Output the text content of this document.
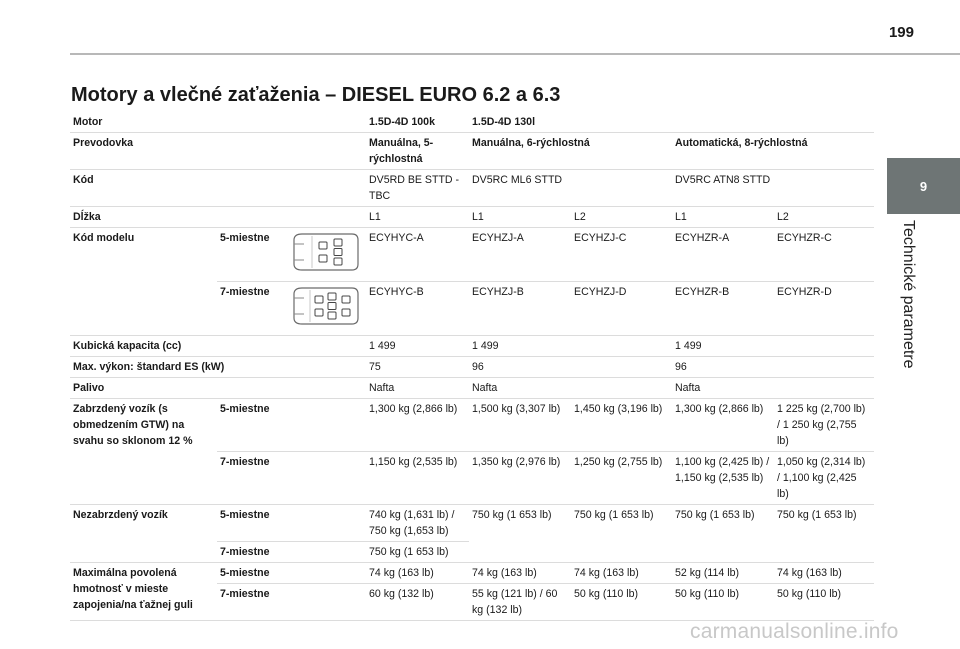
199
Motory a vlečné zaťaženia – DIESEL EURO 6.2 a 6.3
9
Technické parametre
Motor			1.5D-4D 100k	1.5D-4D 130l			
Prevodovka			Manuálna, 5-rýchlostná	Manuálna, 6-rýchlostná		Automatická, 8-rýchlostná	
Kód			DV5RD BE STTD - TBC	DV5RC ML6 STTD		DV5RC ATN8 STTD	
Dĺžka			L1	L1	L2	L1	L2
Kód modelu	5-miestne		ECYHYC-A	ECYHZJ-A	ECYHZJ-C	ECYHZR-A	ECYHZR-C
	7-miestne		ECYHYC-B	ECYHZJ-B	ECYHZJ-D	ECYHZR-B	ECYHZR-D
Kubická kapacita (cc)			1 499	1 499		1 499	
Max. výkon: štandard ES (kW)			75	96		96	
Palivo			Nafta	Nafta		Nafta	
Zabrzdený vozík (s obmedzením GTW) na svahu so sklonom 12 %	5-miestne		1,300 kg (2,866 lb)	1,500 kg (3,307 lb)	1,450 kg (3,196 lb)	1,300 kg (2,866 lb)	1 225 kg (2,700 lb) / 1 250 kg (2,755 lb)
	7-miestne		1,150 kg (2,535 lb)	1,350 kg (2,976 lb)	1,250 kg (2,755 lb)	1,100 kg (2,425 lb) / 1,150 kg (2,535 lb)	1,050 kg (2,314 lb) / 1,100 kg (2,425 lb)
Nezabrzdený vozík	5-miestne		740 kg (1,631 lb) / 750 kg (1,653 lb)	750 kg (1 653 lb)	750 kg (1 653 lb)	750 kg (1 653 lb)	750 kg (1 653 lb)
	7-miestne		750 kg (1 653 lb)				
Maximálna povolená hmotnosť v mieste zapojenia/na ťažnej guli	5-miestne		74 kg (163 lb)	74 kg (163 lb)	74 kg (163 lb)	52 kg (114 lb)	74 kg (163 lb)
	7-miestne		60 kg (132 lb)	55 kg (121 lb) / 60 kg (132 lb)	50 kg (110 lb)	50 kg (110 lb)	50 kg (110 lb)
carmanualsonline.info
